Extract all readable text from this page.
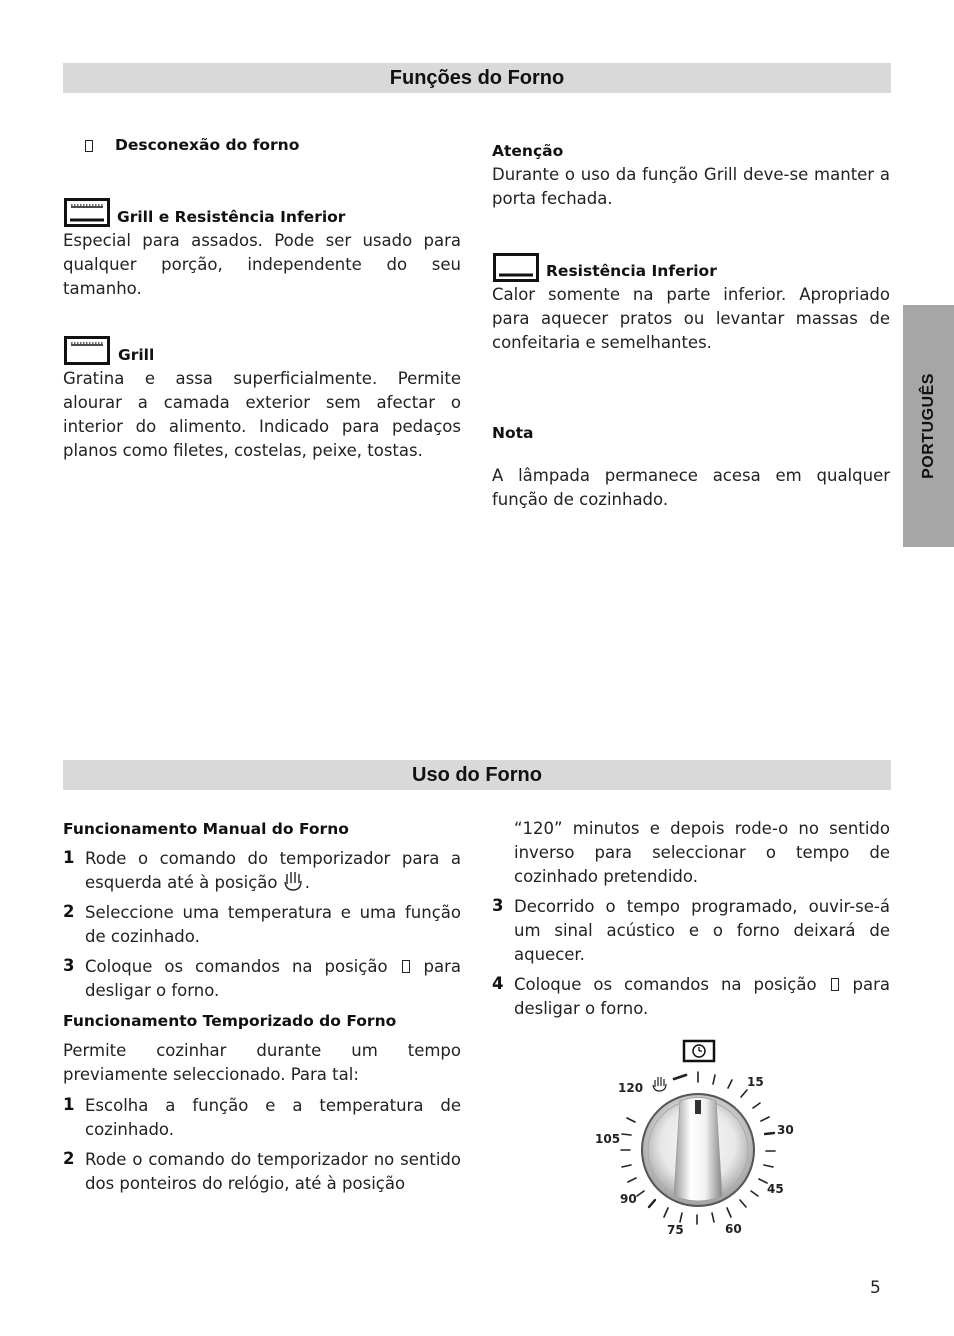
Funções do Forno
Uso do Forno
PORTUGUÊS
Desconexão do forno
Grill e Resistência Inferior
Especial para assados. Pode ser usado para qualquer porção, independente do seu tamanho.
Grill
Gratina e assa superficialmente. Permite alourar a camada exterior sem afectar o interior do alimento. Indicado para pedaços planos como filetes, costelas, peixe, tostas.
Atenção
Durante o uso da função Grill deve-se manter a porta fechada.
Resistência Inferior
Calor somente na parte inferior. Apropriado para aquecer pratos ou levantar massas de confeitaria e semelhantes.
Nota
A lâmpada permanece acesa em qualquer função de cozinhado.
Funcionamento Manual do Forno
1 Rode o comando do temporizador para a esquerda até à posição .
2 Seleccione uma temperatura e uma função de cozinhado.
3 Coloque os comandos na posição para desligar o forno.
Funcionamento Temporizado do Forno
Permite cozinhar durante um tempo previamente seleccionado. Para tal:
1 Escolha a função e a temperatura de cozinhado.
2 Rode o comando do temporizador no sentido dos ponteiros do relógio, até à posição
“120” minutos e depois rode-o no sentido inverso para seleccionar o tempo de cozinhado pretendido.
3 Decorrido o tempo programado, ouvir-se-á um sinal acústico e o forno deixará de aquecer.
4 Coloque os comandos na posição para desligar o forno.
120	15
30
45
60
75
90
105
5
